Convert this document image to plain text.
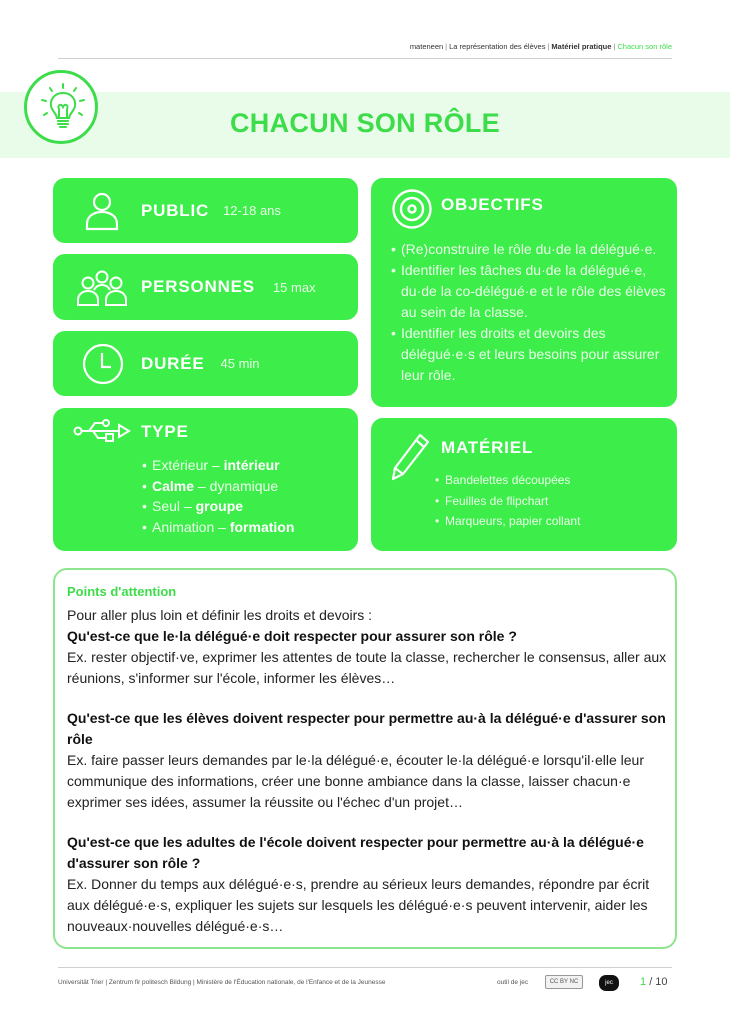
mateneen | La représentation des élèves | Matériel pratique | Chacun son rôle
CHACUN SON RÔLE
PUBLIC 12-18 ans
PERSONNES 15 max
DURÉE 45 min
TYPE
• Extérieur – intérieur
• Calme – dynamique
• Seul – groupe
• Animation – formation
OBJECTIFS
• (Re)construire le rôle du·de la délégué·e.
• Identifier les tâches du·de la délégué·e, du·de la co-délégué·e et le rôle des élèves au sein de la classe.
• Identifier les droits et devoirs des délégué·e·s et leurs besoins pour assurer leur rôle.
MATÉRIEL
• Bandelettes découpées
• Feuilles de flipchart
• Marqueurs, papier collant
Points d'attention

Pour aller plus loin et définir les droits et devoirs :

Qu'est-ce que le·la délégué·e doit respecter pour assurer son rôle ?

Ex. rester objectif·ve, exprimer les attentes de toute la classe, rechercher le consensus, aller aux réunions, s'informer sur l'école, informer les élèves…

Qu'est-ce que les élèves doivent respecter pour permettre au·à la délégué·e d'assurer son rôle

Ex. faire passer leurs demandes par le·la délégué·e, écouter le·la délégué·e lorsqu'il·elle leur communique des informations, créer une bonne ambiance dans la classe, laisser chacun·e exprimer ses idées, assumer la réussite ou l'échec d'un projet…

Qu'est-ce que les adultes de l'école doivent respecter pour permettre au·à la délégué·e d'assurer son rôle ?

Ex. Donner du temps aux délégué·e·s, prendre au sérieux leurs demandes, répondre par écrit aux délégué·e·s, expliquer les sujets sur lesquels les délégué·e·s peuvent intervenir, aider les nouveaux·nouvelles délégué·e·s…

Universität Trier | Zentrum fir politesch Bildung | Ministère de l'Éducation nationale, de l'Enfance et de la Jeunesse	outil de jec	CC BY NC	jec	1 / 10
